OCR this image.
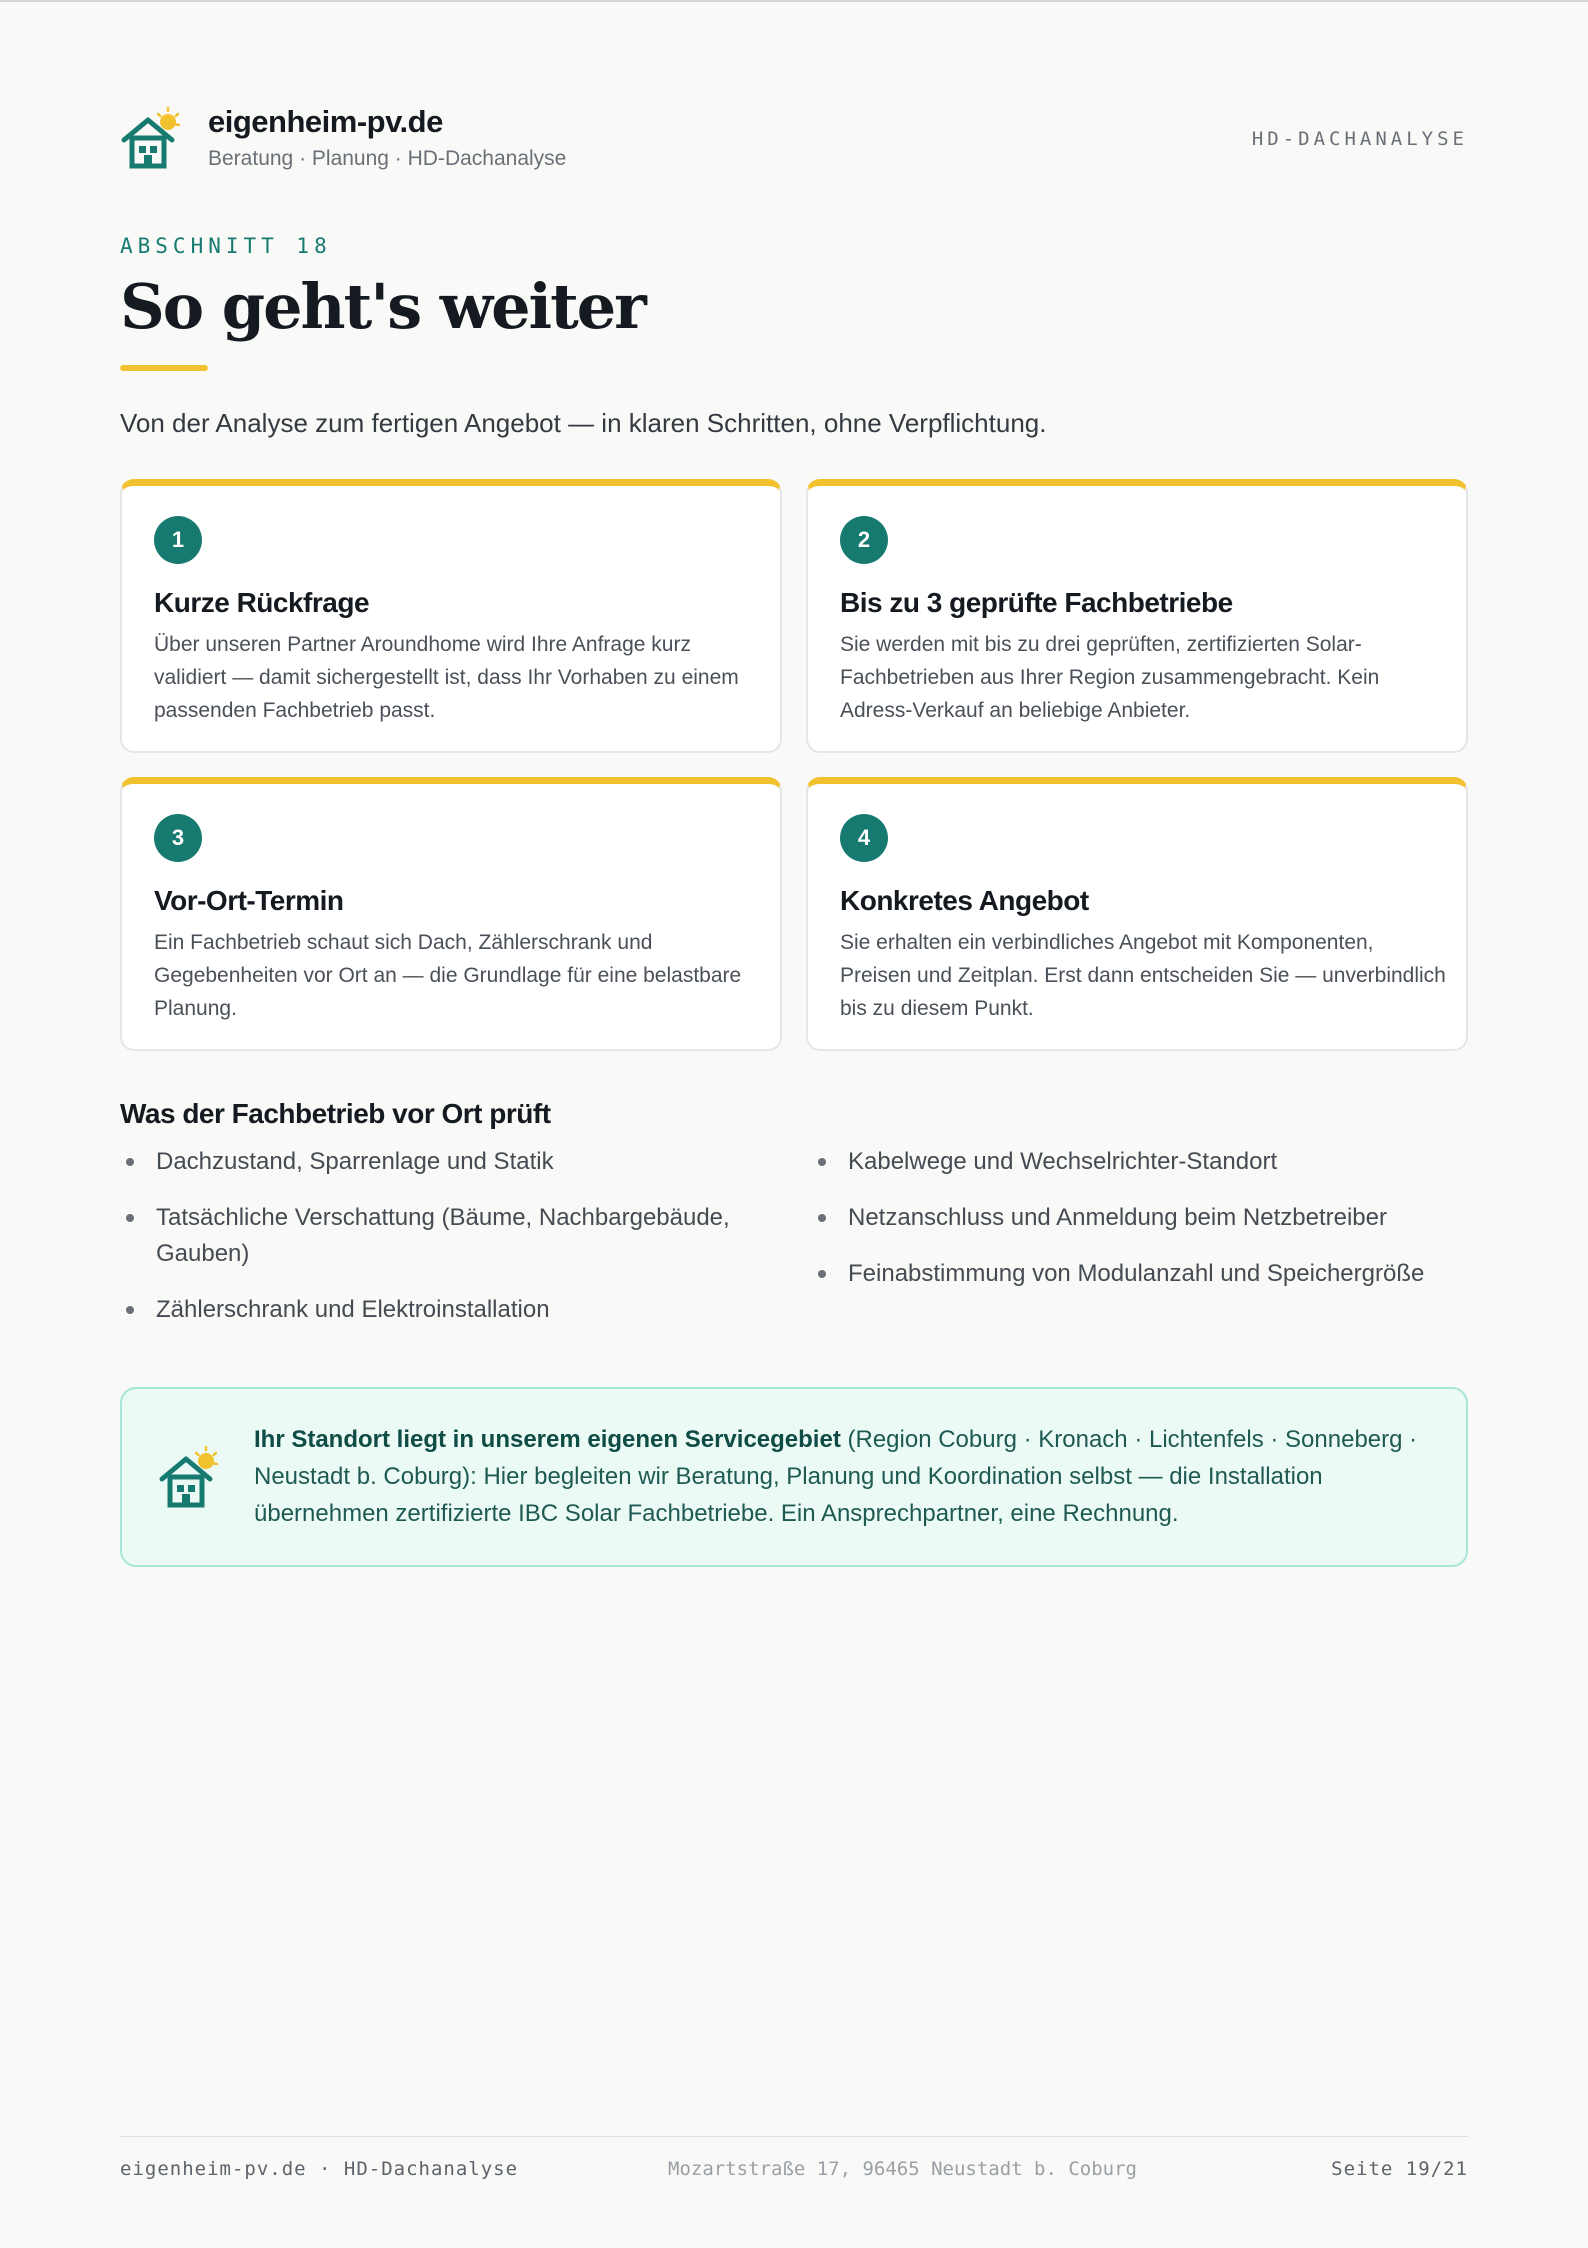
eigenheim-pv.de
Beratung · Planung · HD-Dachanalyse
HD-DACHANALYSE
ABSCHNITT 18
So geht's weiter

Von der Analyse zum fertigen Angebot — in klaren Schritten, ohne Verpflichtung.

1
Kurze Rückfrage
Über unseren Partner Aroundhome wird Ihre Anfrage kurz validiert — damit sichergestellt ist, dass Ihr Vorhaben zu einem passenden Fachbetrieb passt.
2
Bis zu 3 geprüfte Fachbetriebe
Sie werden mit bis zu drei geprüften, zertifizierten Solar-Fachbetrieben aus Ihrer Region zusammengebracht. Kein Adress-Verkauf an beliebige Anbieter.
3
Vor-Ort-Termin
Ein Fachbetrieb schaut sich Dach, Zählerschrank und Gegebenheiten vor Ort an — die Grundlage für eine belastbare Planung.
4
Konkretes Angebot
Sie erhalten ein verbindliches Angebot mit Komponenten, Preisen und Zeitplan. Erst dann entscheiden Sie — unverbindlich bis zu diesem Punkt.
Was der Fachbetrieb vor Ort prüft
Dachzustand, Sparrenlage und Statik
Tatsächliche Verschattung (Bäume, Nachbargebäude, Gauben)
Zählerschrank und Elektroinstallation
Kabelwege und Wechselrichter-Standort
Netzanschluss und Anmeldung beim Netzbetreiber
Feinabstimmung von Modulanzahl und Speichergröße

Ihr Standort liegt in unserem eigenen Servicegebiet (Region Coburg · Kronach · Lichtenfels · Sonneberg · Neustadt b. Coburg): Hier begleiten wir Beratung, Planung und Koordination selbst — die Installation übernehmen zertifizierte IBC Solar Fachbetriebe. Ein Ansprechpartner, eine Rechnung.

eigenheim-pv.de · HD-Dachanalyse	Mozartstraße 17, 96465 Neustadt b. Coburg	Seite 19/21
